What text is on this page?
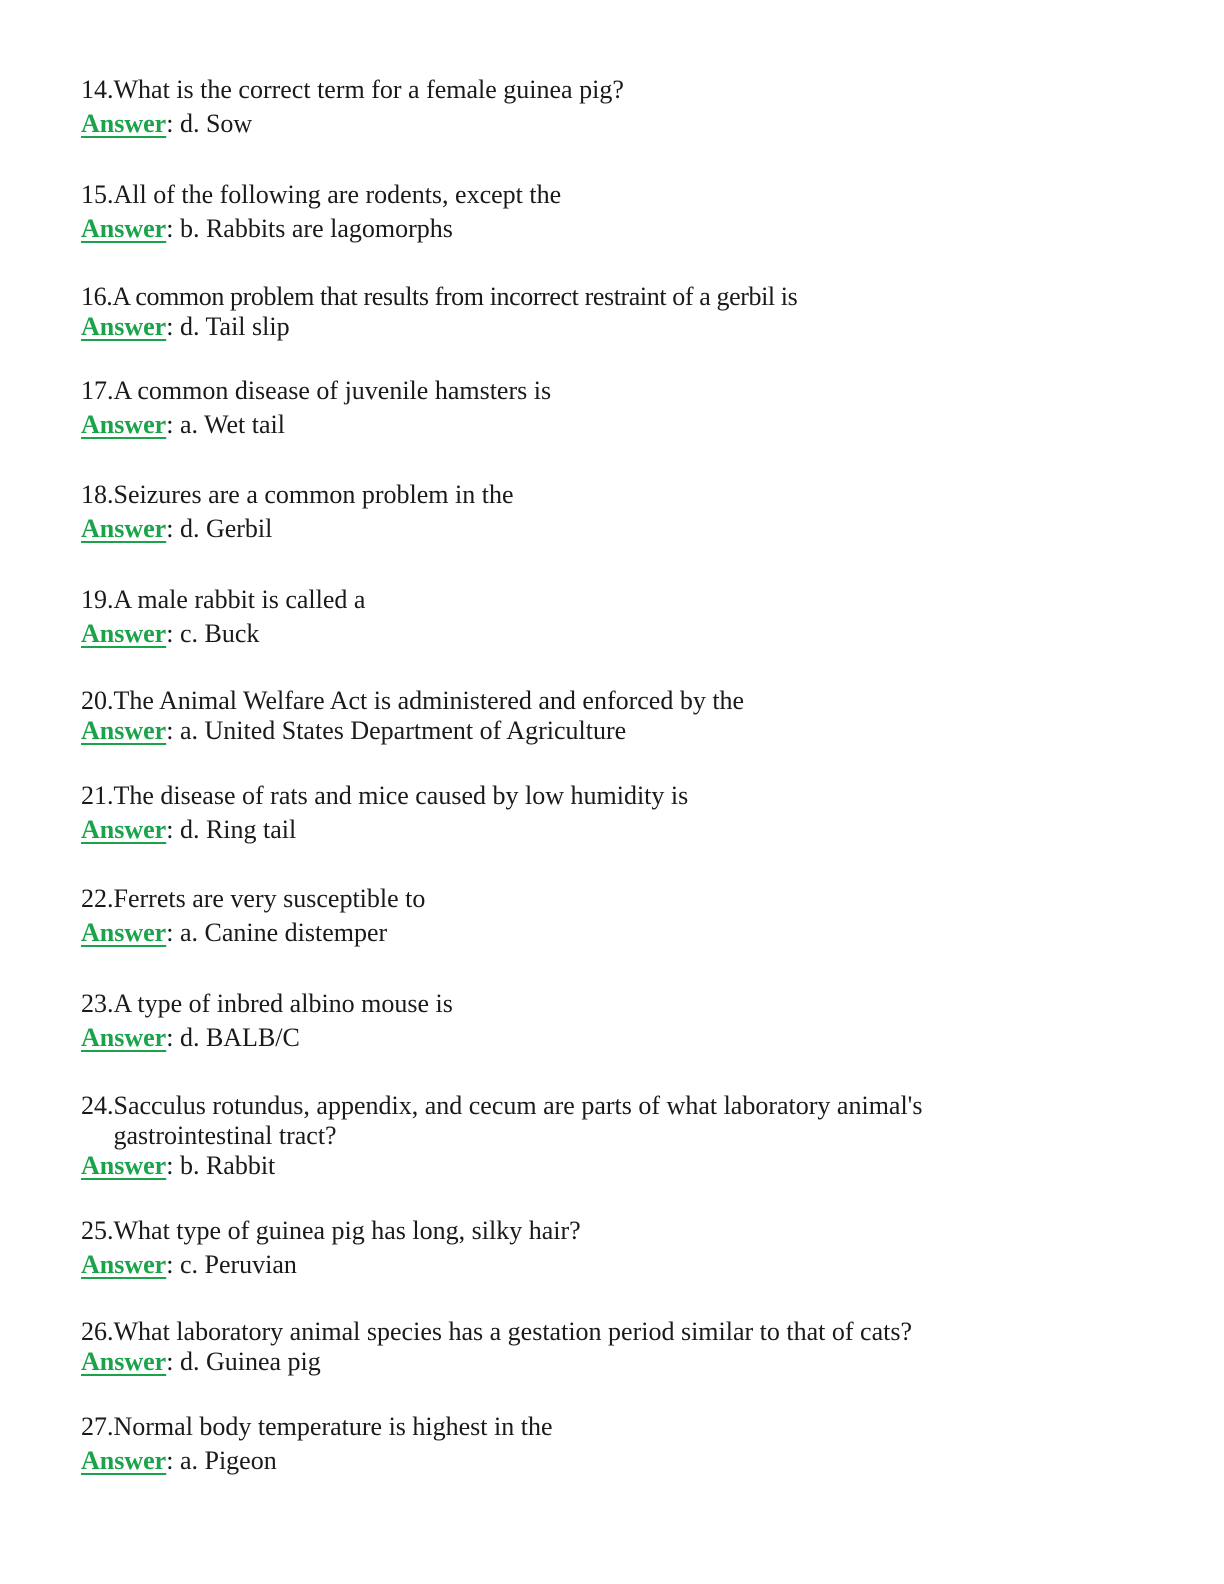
14. What is the correct term for a female guinea pig?
Answer: d. Sow
15. All of the following are rodents, except the
Answer: b. Rabbits are lagomorphs
16. A common problem that results from incorrect restraint of a gerbil is
Answer: d. Tail slip
17. A common disease of juvenile hamsters is
Answer: a. Wet tail
18. Seizures are a common problem in the
Answer: d. Gerbil
19. A male rabbit is called a
Answer: c. Buck
20. The Animal Welfare Act is administered and enforced by the
Answer: a. United States Department of Agriculture
21. The disease of rats and mice caused by low humidity is
Answer: d. Ring tail
22. Ferrets are very susceptible to
Answer: a. Canine distemper
23. A type of inbred albino mouse is
Answer: d. BALB/C
24. Sacculus rotundus, appendix, and cecum are parts of what laboratory animal's gastrointestinal tract?
Answer: b. Rabbit
25. What type of guinea pig has long, silky hair?
Answer: c. Peruvian
26. What laboratory animal species has a gestation period similar to that of cats?
Answer: d. Guinea pig
27. Normal body temperature is highest in the
Answer: a. Pigeon
